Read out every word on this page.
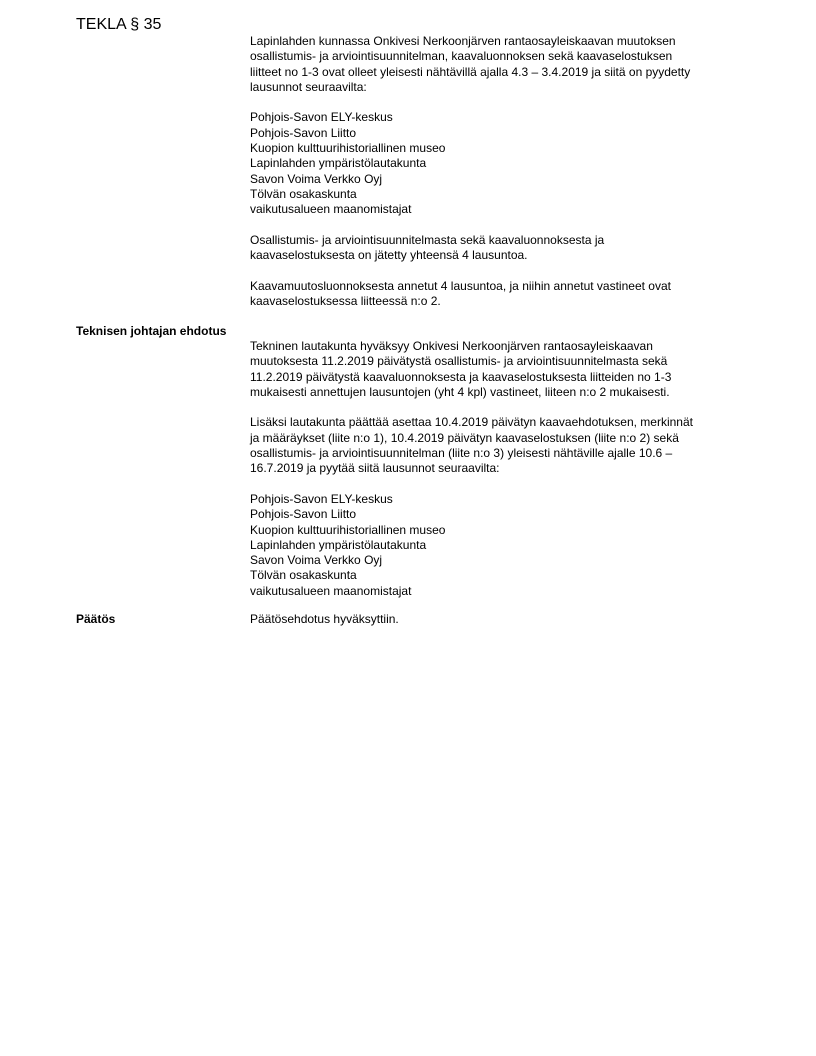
TEKLA § 35

Lapinlahden kunnassa Onkivesi Nerkoonjärven rantaosayleiskaavan muutoksen
osallistumis- ja arviointisuunnitelman, kaavaluonnoksen sekä kaavaselostuksen
liitteet no 1-3 ovat olleet yleisesti nähtävillä ajalla 4.3 – 3.4.2019 ja siitä on pyydetty
lausunnot seuraavilta:

Pohjois-Savon ELY-keskus
Pohjois-Savon Liitto
Kuopion kulttuurihistoriallinen museo
Lapinlahden ympäristölautakunta
Savon Voima Verkko Oyj
Tölvän osakaskunta
vaikutusalueen maanomistajat

Osallistumis- ja arviointisuunnitelmasta sekä kaavaluonnoksesta ja
kaavaselostuksesta on jätetty yhteensä 4 lausuntoa.

Kaavamuutosluonnoksesta annetut 4 lausuntoa, ja niihin annetut vastineet ovat
kaavaselostuksessa liitteessä n:o 2.

Teknisen johtajan ehdotus

Tekninen lautakunta hyväksyy Onkivesi Nerkoonjärven rantaosayleiskaavan
muutoksesta 11.2.2019 päivätystä osallistumis- ja arviointisuunnitelmasta sekä
11.2.2019 päivätystä kaavaluonnoksesta ja kaavaselostuksesta liitteiden no 1-3
mukaisesti annettujen lausuntojen (yht 4 kpl) vastineet, liiteen n:o 2 mukaisesti.

Lisäksi lautakunta päättää asettaa 10.4.2019 päivätyn kaavaehdotuksen, merkinnät
ja määräykset (liite n:o 1), 10.4.2019 päivätyn kaavaselostuksen (liite n:o 2) sekä
osallistumis- ja arviointisuunnitelman (liite n:o 3) yleisesti nähtäville ajalle 10.6 –
16.7.2019 ja pyytää siitä lausunnot seuraavilta:

Pohjois-Savon ELY-keskus
Pohjois-Savon Liitto
Kuopion kulttuurihistoriallinen museo
Lapinlahden ympäristölautakunta
Savon Voima Verkko Oyj
Tölvän osakaskunta
vaikutusalueen maanomistajat
Päätös	Päätösehdotus hyväksyttiin.
